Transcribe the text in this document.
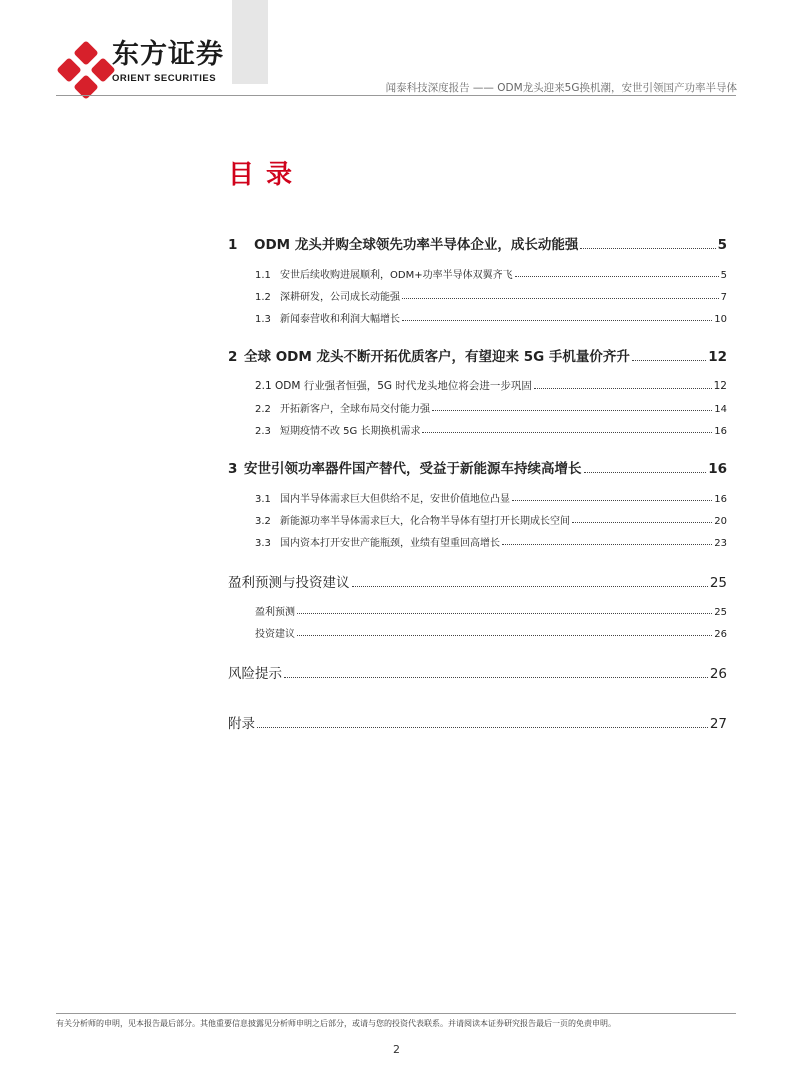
东方证券
ORIENT SECURITIES
闻泰科技深度报告 —— ODM龙头迎来5G换机潮，安世引领国产功率半导体
目录
1	ODM 龙头并购全球领先功率半导体企业，成长动能强	5
1.1 安世后续收购进展顺利，ODM+功率半导体双翼齐飞	5
1.2 深耕研发，公司成长动能强	7
1.3 新闻泰营收和利润大幅增长	10
2 全球 ODM 龙头不断开拓优质客户，有望迎来 5G 手机量价齐升	12
2.1 ODM 行业强者恒强，5G 时代龙头地位将会进一步巩固	12
2.2 开拓新客户，全球布局交付能力强	14
2.3 短期疫情不改 5G 长期换机需求	16
3 安世引领功率器件国产替代，受益于新能源车持续高增长	16
3.1 国内半导体需求巨大但供给不足，安世价值地位凸显	16
3.2 新能源功率半导体需求巨大，化合物半导体有望打开长期成长空间	20
3.3 国内资本打开安世产能瓶颈，业绩有望重回高增长	23
盈利预测与投资建议	25
盈利预测	25
投资建议	26
风险提示	26
附录	27
有关分析师的申明，见本报告最后部分。其他重要信息披露见分析师申明之后部分，或请与您的投资代表联系。并请阅读本证券研究报告最后一页的免责申明。
2
